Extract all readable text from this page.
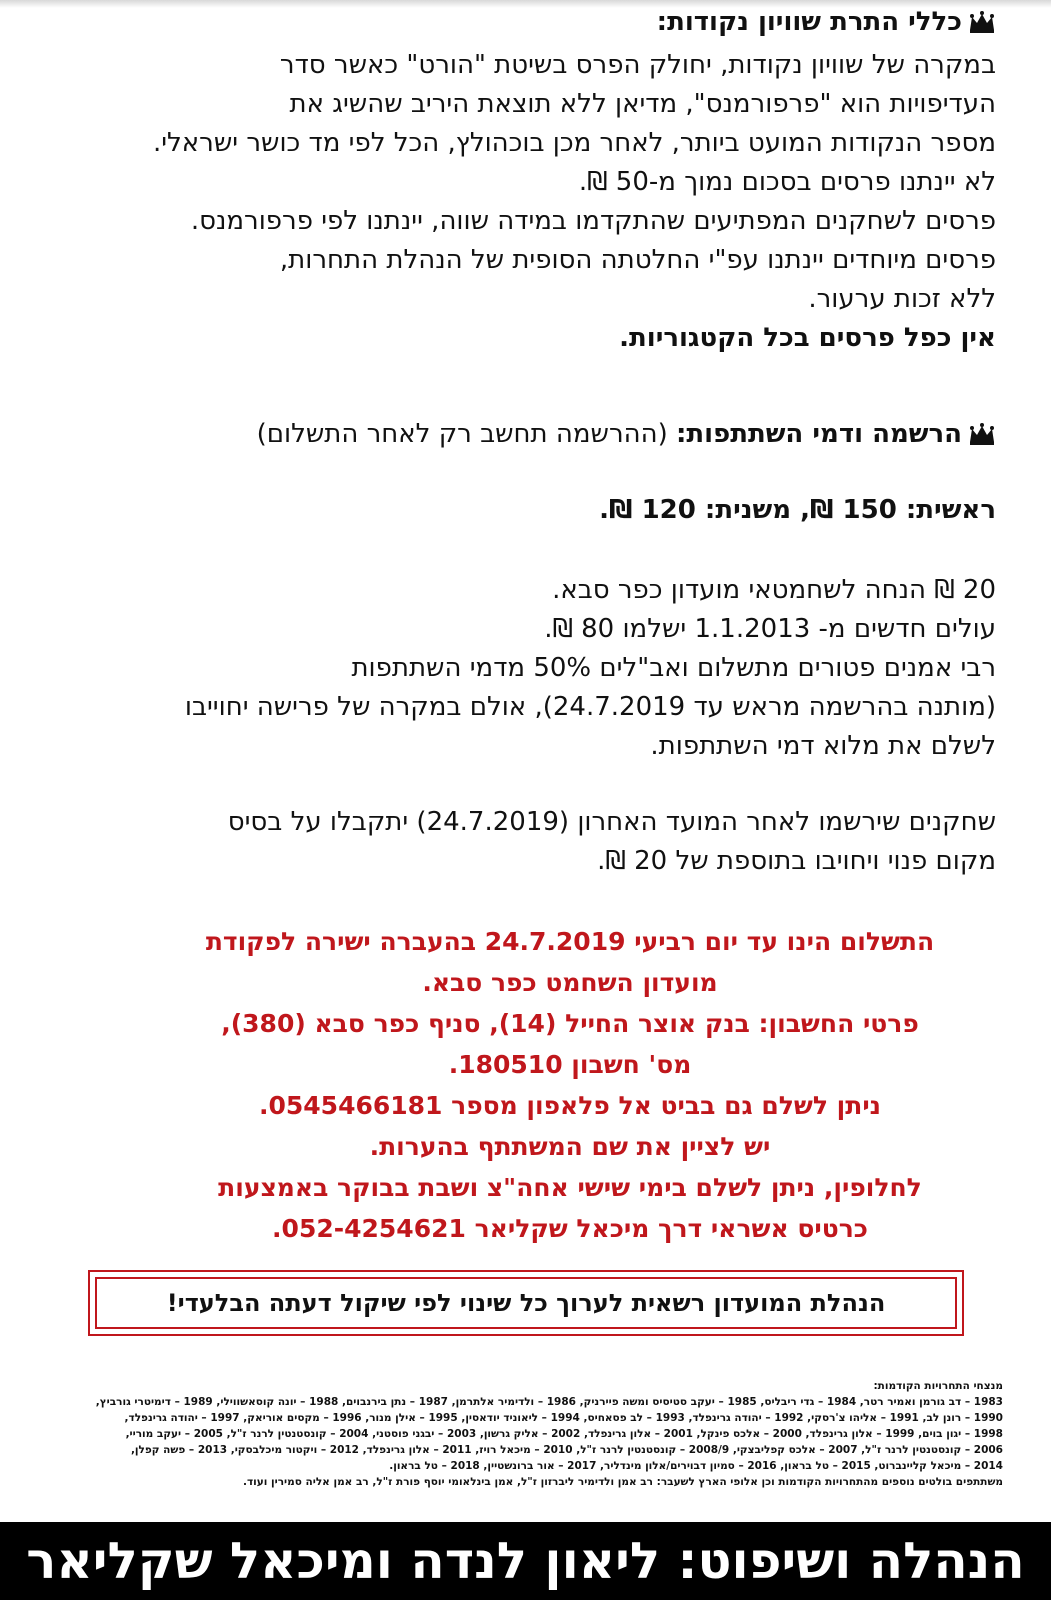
כללי התרת שוויון נקודות:
במקרה של שוויון נקודות, יחולק הפרס בשיטת "הורט" כאשר סדר
העדיפויות הוא "פרפורמנס", מדיאן ללא תוצאת היריב שהשיג את
מספר הנקודות המועט ביותר, לאחר מכן בוכהולץ, הכל לפי מד כושר ישראלי.
לא יינתנו פרסים בסכום נמוך מ-50 ₪.
פרסים לשחקנים המפתיעים שהתקדמו במידה שווה, יינתנו לפי פרפורמנס.
פרסים מיוחדים יינתנו עפ"י החלטתה הסופית של הנהלת התחרות,
ללא זכות ערעור.
אין כפל פרסים בכל הקטגוריות.
הרשמה ודמי השתתפות: (ההרשמה תחשב רק לאחר התשלום)
ראשית: 150 ₪, משנית: 120 ₪.
20 ₪ הנחה לשחמטאי מועדון כפר סבא.
עולים חדשים מ- 1.1.2013 ישלמו 80 ₪.
רבי אמנים פטורים מתשלום ואב"לים 50% מדמי השתתפות
(מותנה בהרשמה מראש עד 24.7.2019), אולם במקרה של פרישה יחוייבו
לשלם את מלוא דמי השתתפות.
שחקנים שירשמו לאחר המועד האחרון (24.7.2019) יתקבלו על בסיס
מקום פנוי ויחויבו בתוספת של 20 ₪.
התשלום הינו עד יום רביעי 24.7.2019 בהעברה ישירה לפקודת
מועדון השחמט כפר סבא.
פרטי החשבון: בנק אוצר החייל (14), סניף כפר סבא (380),
מס' חשבון 180510.
ניתן לשלם גם בביט אל פלאפון מספר 0545466181.
יש לציין את שם המשתתף בהערות.
לחלופין, ניתן לשלם בימי שישי אחה"צ ושבת בבוקר באמצעות
כרטיס אשראי דרך מיכאל שקליאר 052-4254621.
הנהלת המועדון רשאית לערוך כל שינוי לפי שיקול דעתה הבלעדי!
מנצחי התחרויות הקודמות:
1983 – דב גורמן ואמיר רטר, 1984 – גדי ריבליס, 1985 – יעקב סטיסיס ומשה פיירניק, 1986 – ולדימיר אלתרמן, 1987 – נתן בירנבוים, 1988 – יונה קוסאשווילי, 1989 – דימיטרי גורביץ,
1990 – רונן לב, 1991 – אליהו צ'רסקי, 1992 – יהודה גרינפלד, 1993 – לב פסאחיס, 1994 – ליאוניד יודאסין, 1995 – אילן מנור, 1996 – מקסים אוריאק, 1997 – יהודה גרינפלד,
1998 – יגון בוים, 1999 – אלון גרינפלד, 2000 – אלכס פינקל, 2001 – אלון גרינפלד, 2002 – אליק גרשון, 2003 – יבגני פוסטני, 2004 – קונסטנטין לרנר ז"ל, 2005 – יעקב מוריי,
2006 – קונסטנטין לרנר ז"ל, 2007 – אלכס קפליבצקי, 2008/9 – קונסטנטין לרנר ז"ל, 2010 – מיכאל רויז, 2011 – אלון גרינפלד, 2012 – ויקטור מיכלבסקי, 2013 – פשה קפלן,
2014 – מיכאל קליינברוט, 2015 – טל בראון, 2016 – סמיון דבוירים/אלון מינדליר, 2017 – אור ברונשטיין, 2018 – טל בראון.
משתתפים בולטים נוספים מהתחרויות הקודמות וכן אלופי הארץ לשעבר: רב אמן ולדימיר ליברזון ז"ל, אמן בינלאומי יוסף פורת ז"ל, רב אמן אליה סמירין ועוד.
הנהלה ושיפוט: ליאון לנדה ומיכאל שקליאר
